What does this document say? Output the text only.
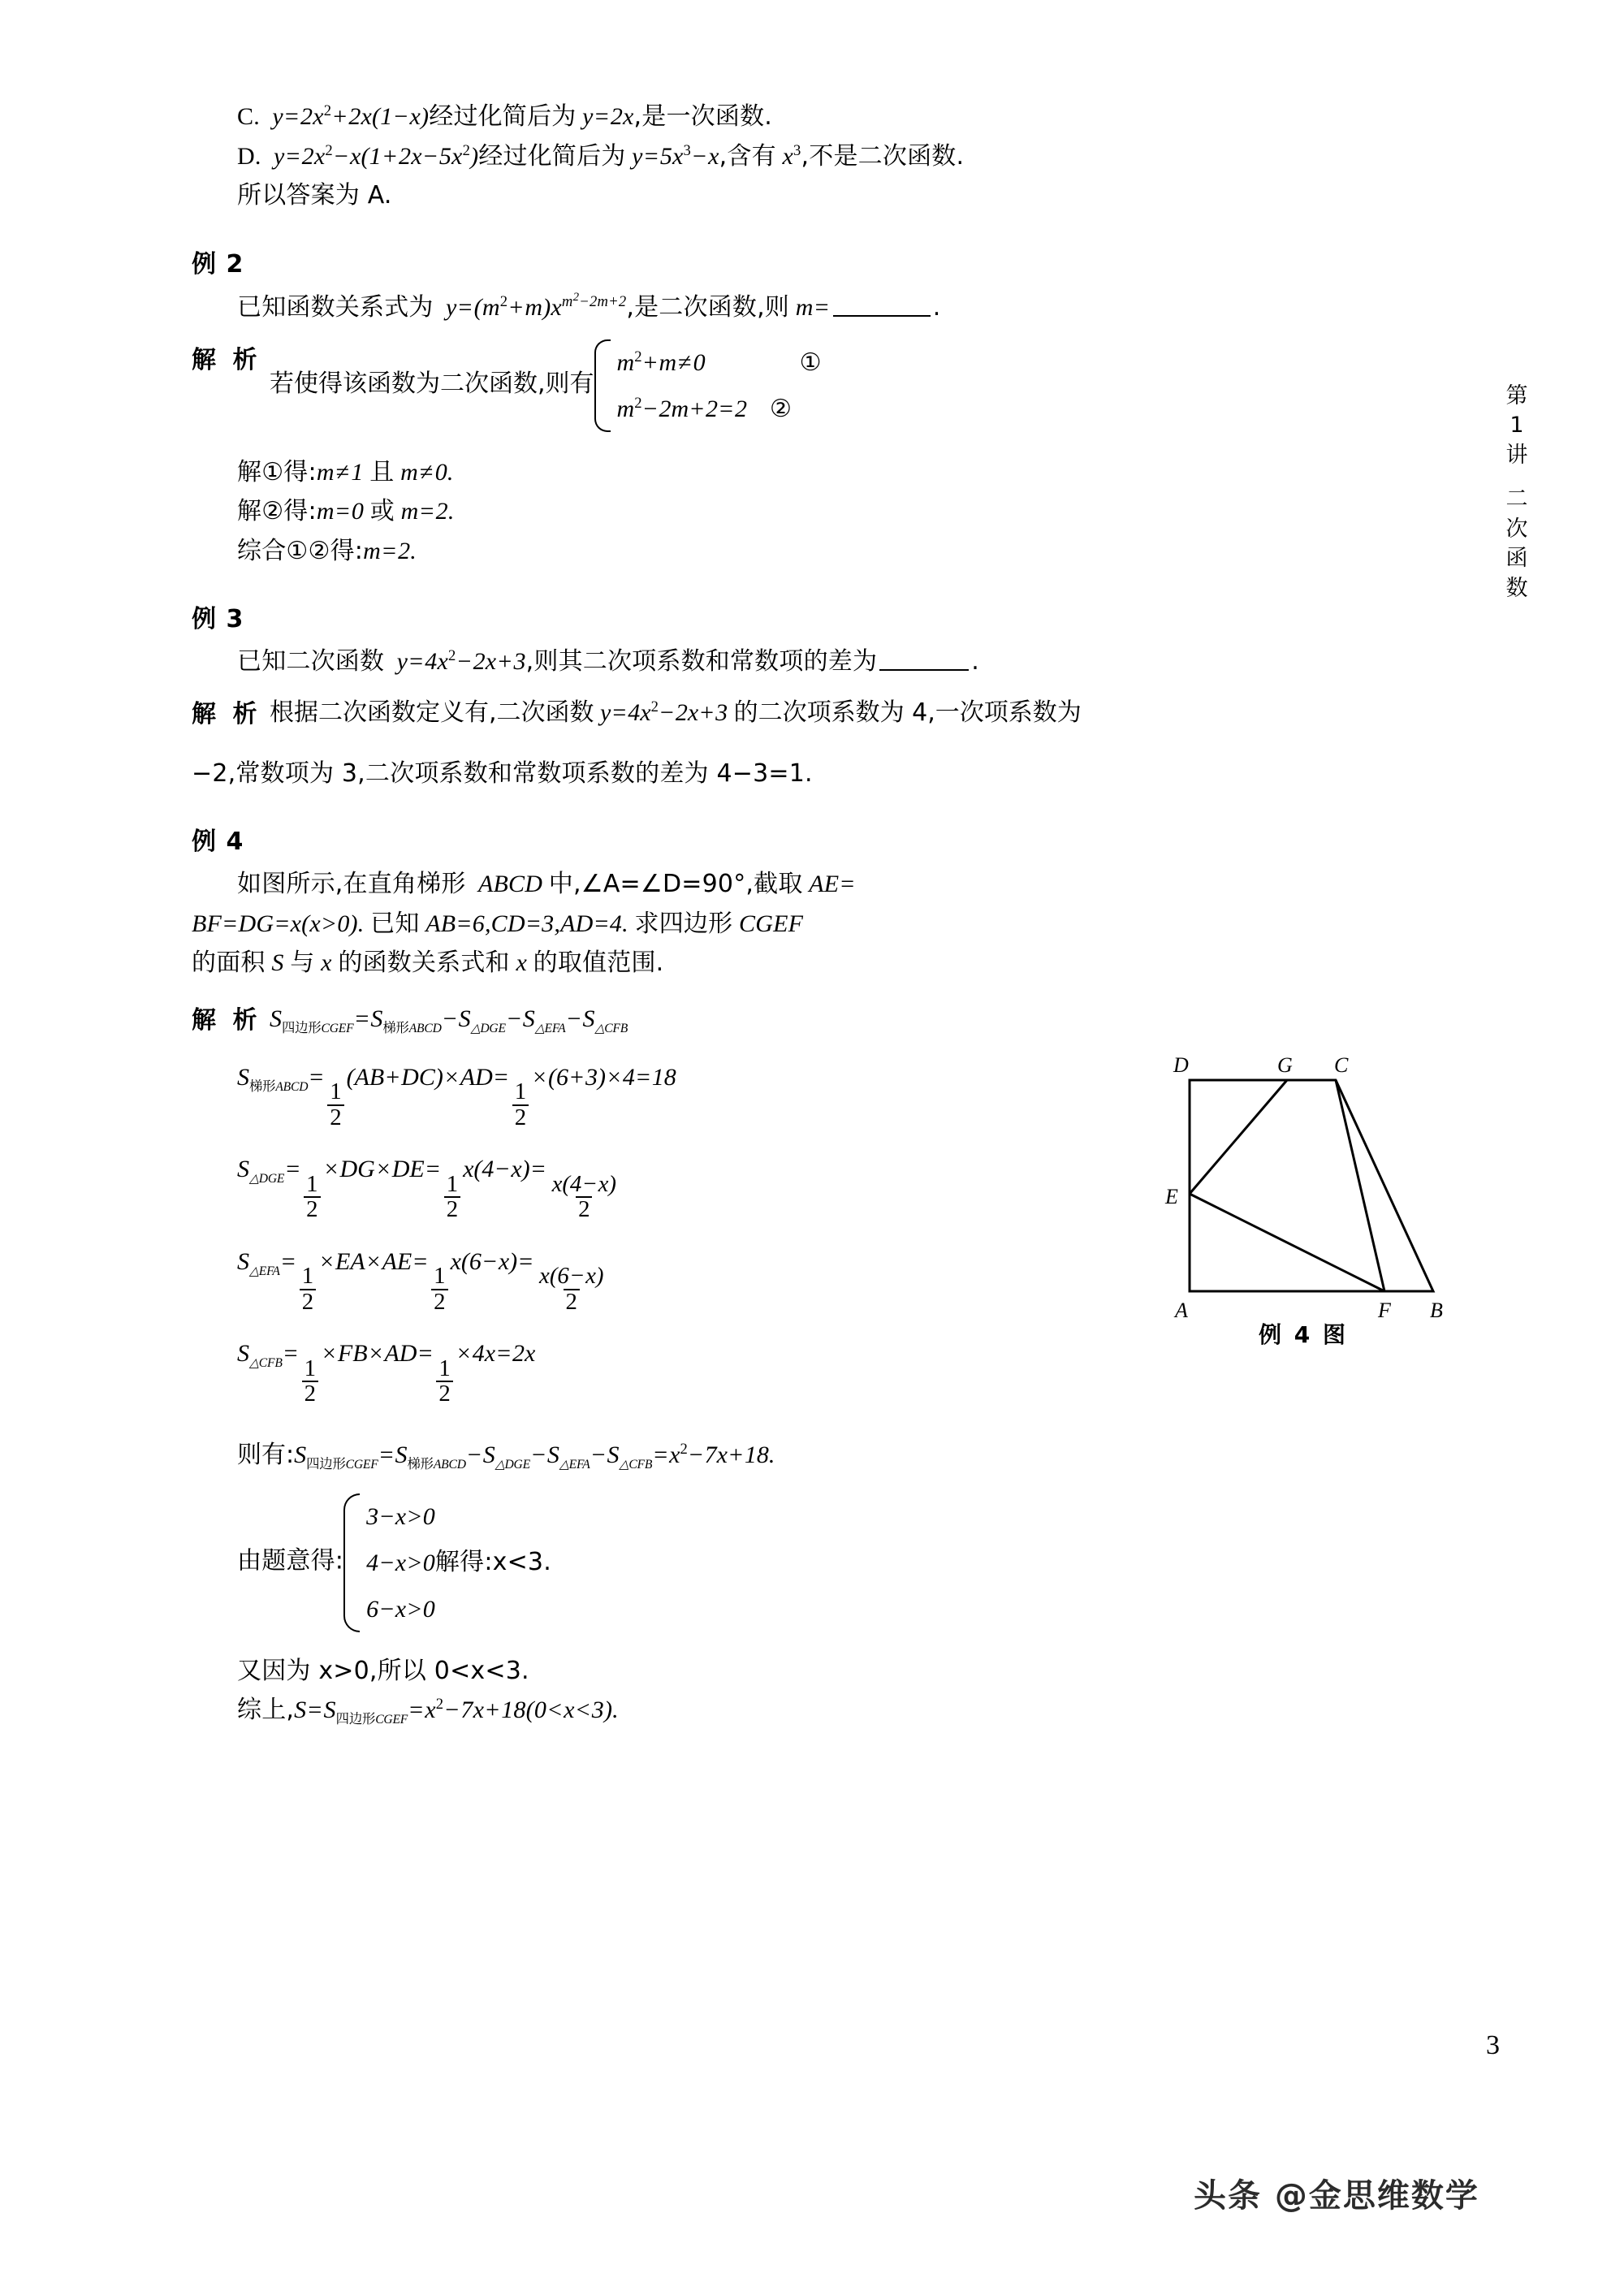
第
1
讲
二
次
函
数
C.  $y=2x^2+2x(1-x)$经过化简后为 y=2x,是一次函数.
D.  $y=2x^2-x(1+2x-5x^2)$经过化简后为 $y=5x^3-x$,含有 $x^3$,不是二次函数.
所以答案为 A.
例 2
已知函数关系式为  $y=(m^2+m)x^{m^2-2m+2}$,是二次函数,则 m=	.
解 析
若使得该函数为二次函数,则有
$m^2+m\ne 0$	①
$m^2-2m+2=2$ ②
解①得:m≠1 且 m≠0.
解②得:m=0 或 m=2.
综合①②得:m=2.
例 3
已知二次函数  $y=4x^2-2x+3$,则其二次项系数和常数项的差为	.
解 析 根据二次函数定义有,二次函数 $y=4x^2-2x+3$ 的二次项系数为 4,一次项系数为
−2,常数项为 3,二次项系数和常数项系数的差为 4−3=1.
例 4
如图所示,在直角梯形 ABCD 中,∠A=∠D=90°,截取 AE=
BF=DG=x(x>0). 已知 AB=6,CD=3,AD=4. 求四边形 CGEF
的面积 S 与 x 的函数关系式和 x 的取值范围.
解 析 $S_{四边形CGEF}=S_{梯形ABCD}-S_{\triangle DGE}-S_{\triangle EFA}-S_{\triangle CFB}$
$S_{梯形ABCD}=$
$\frac{1}{2}$
(AB+DC)×AD=
$\frac{1}{2}$
×(6+3)×4=18
$S_{\triangle DGE}=$
$\frac{1}{2}$
×DG×DE=
$\frac{1}{2}$
x(4−x)=
$\frac{x(4-x)}{2}$
$S_{\triangle EFA}=$
$\frac{1}{2}$
×EA×AE=
$\frac{1}{2}$
x(6−x)=
$\frac{x(6-x)}{2}$
$S_{\triangle CFB}=$
$\frac{1}{2}$
×FB×AD=
$\frac{1}{2}$
×4x=2x
则有$:S_{四边形CGEF}=S_{梯形ABCD}-S_{\triangle DGE}-S_{\triangle EFA}-S_{\triangle CFB}=x^2-7x+18$.
由题意得:
3−x>0
4−x>0
6−x>0
解得:x<3.
又因为 x>0,所以 0<x<3.
综上$,S=S_{四边形CGEF}=x^2-7x+18(0<x<3)$.
D	G C
E
A	F B
例 4 图
3
头条 @金思维数学
